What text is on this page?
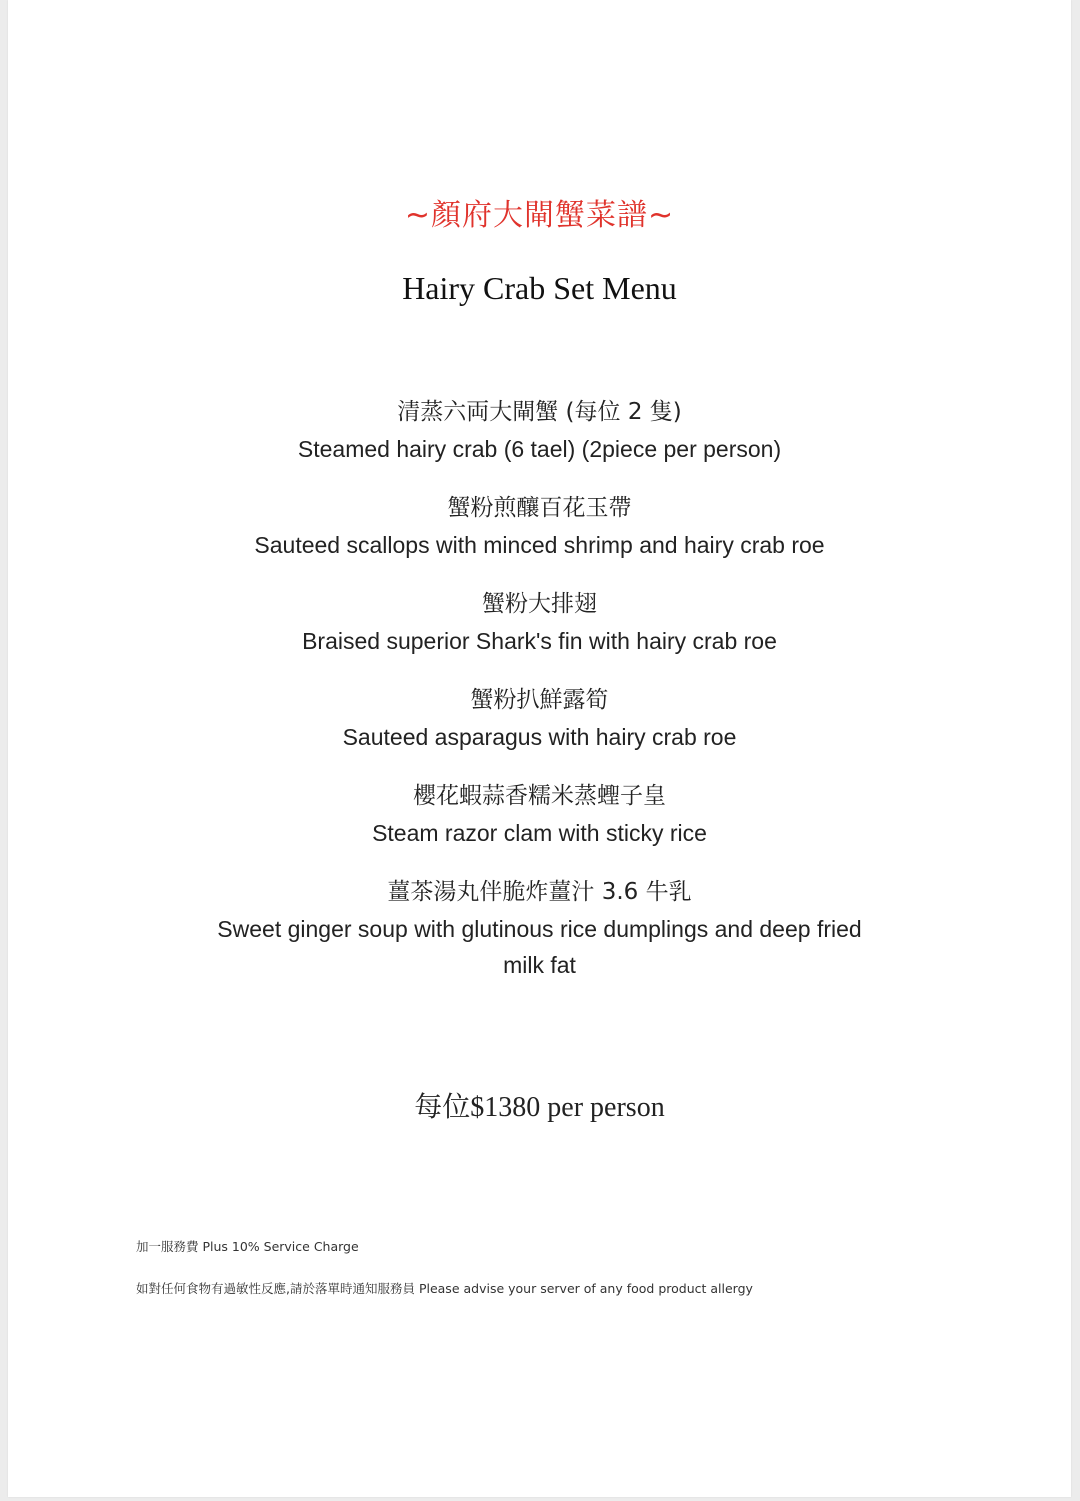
~顏府大閘蟹菜譜~
Hairy Crab Set Menu
清蒸六両大閘蟹 (每位 2 隻)
Steamed hairy crab (6 tael) (2piece per person)
蟹粉煎釀百花玉帶
Sauteed scallops with minced shrimp and hairy crab roe
蟹粉大排翅
Braised superior Shark's fin with hairy crab roe
蟹粉扒鮮露筍
Sauteed asparagus with hairy crab roe
櫻花蝦蒜香糯米蒸蟶子皇
Steam razor clam with sticky rice
薑茶湯丸伴脆炸薑汁 3.6 牛乳
Sweet ginger soup with glutinous rice dumplings and deep fried milk fat
每位$1380 per person
加一服務費 Plus 10% Service Charge
如對任何食物有過敏性反應,請於落單時通知服務員 Please advise your server of any food product allergy
